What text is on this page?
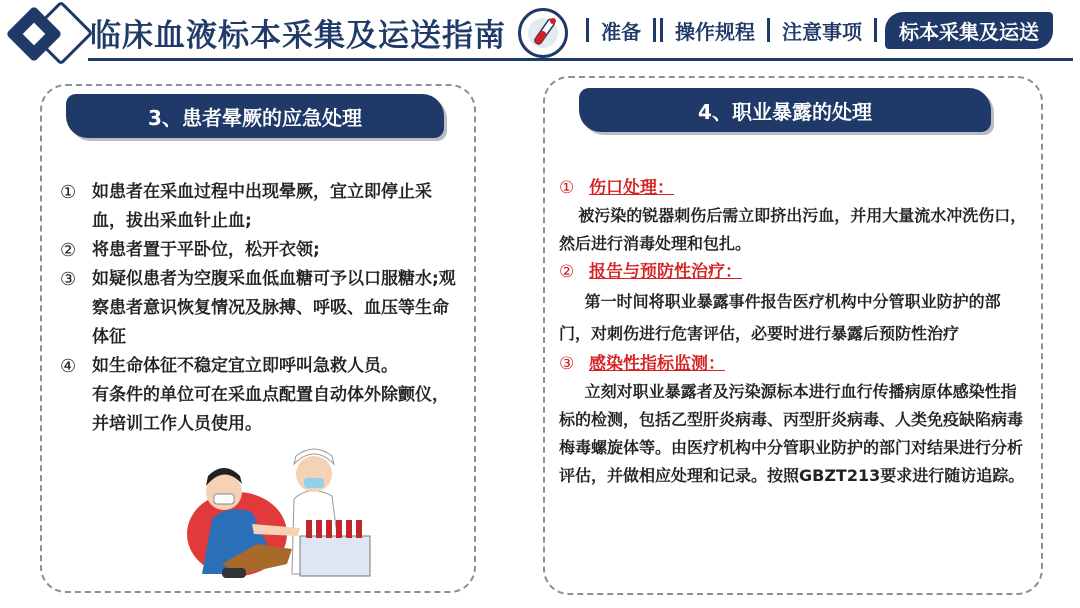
临床血液标本采集及运送指南	准备 操作规程 注意事项	标本采集及运送
3、患者晕厥的应急处理
① 如患者在采血过程中出现晕厥，宜立即停止采血，拔出采血针止血;
② 将患者置于平卧位，松开衣领;
③ 如疑似患者为空腹采血低血糖可予以口服糖水;观察患者意识恢复情况及脉搏、呼吸、血压等生命体征
④ 如生命体征不稳定宜立即呼叫急救人员。
有条件的单位可在采血点配置自动体外除颤仪，并培训工作人员使用。
4、职业暴露的处理
① 伤口处理：
被污染的锐器刺伤后需立即挤出污血，并用大量流水冲洗伤口，然后进行消毒处理和包扎。
② 报告与预防性治疗：
第一时间将职业暴露事件报告医疗机构中分管职业防护的部门，对刺伤进行危害评估，必要时进行暴露后预防性治疗
③ 感染性指标监测：
立刻对职业暴露者及污染源标本进行血行传播病原体感染性指标的检测，包括乙型肝炎病毒、丙型肝炎病毒、人类免疫缺陷病毒梅毒螺旋体等。由医疗机构中分管职业防护的部门对结果进行分析评估，并做相应处理和记录。按照GBZT213要求进行随访追踪。
